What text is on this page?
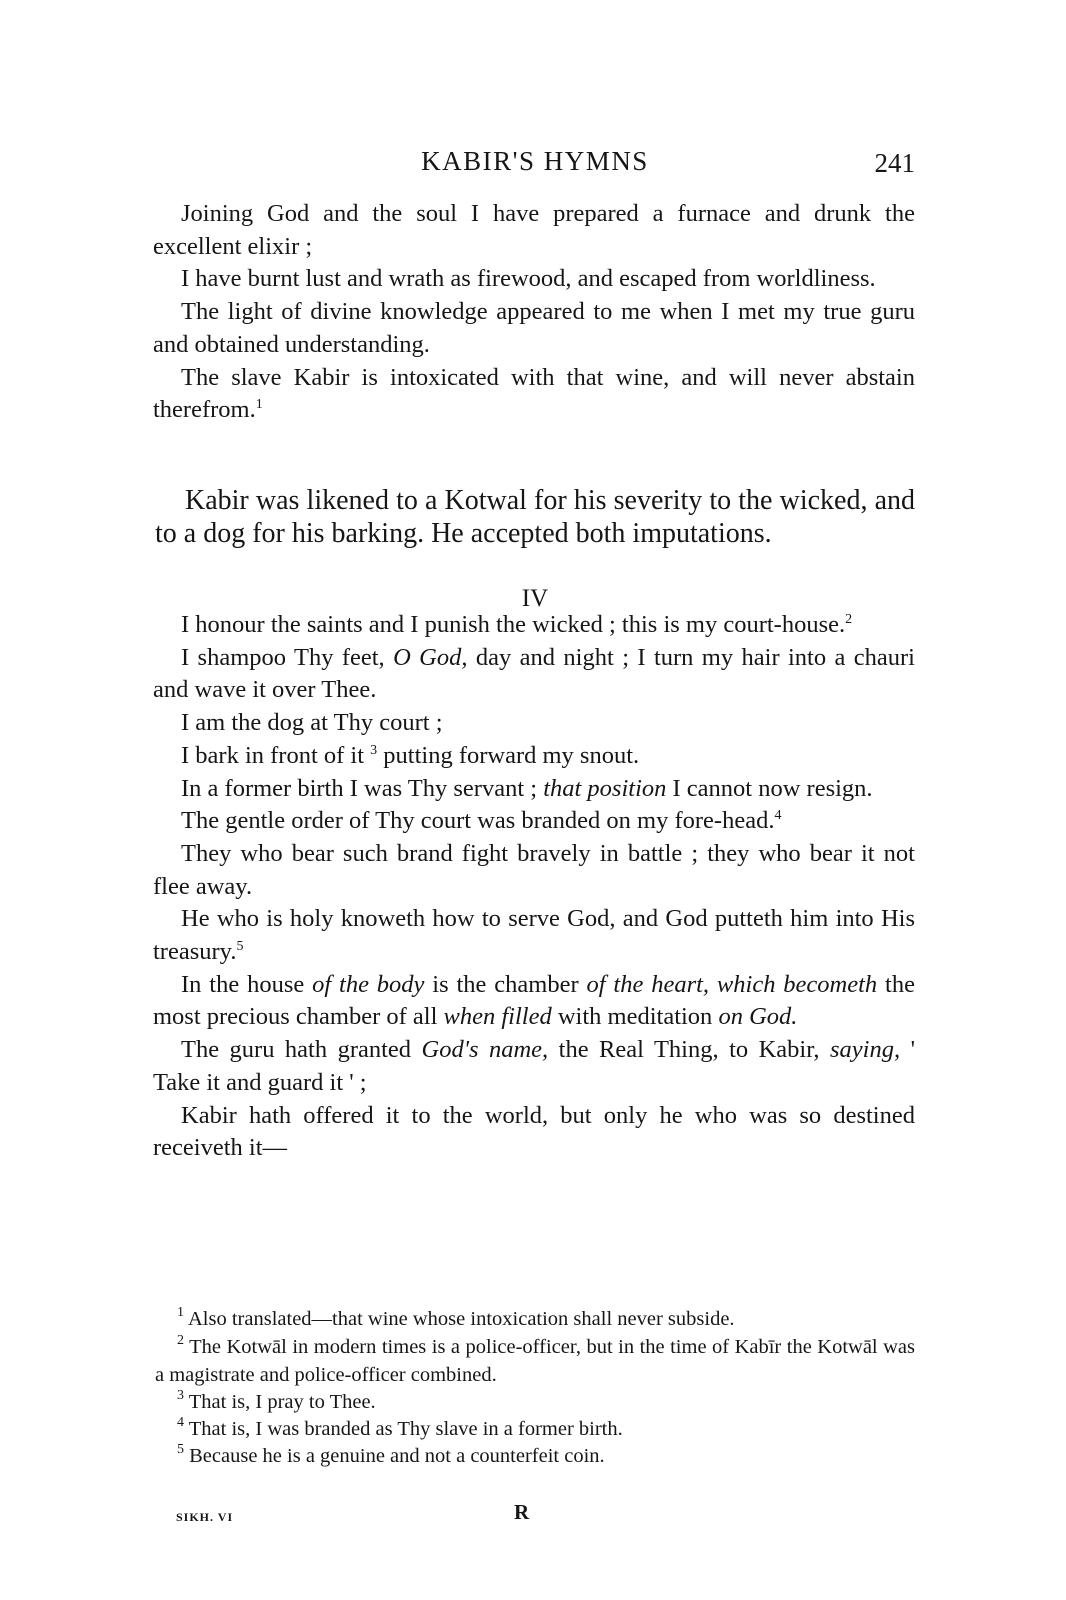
KABIR'S HYMNS	241

Joining God and the soul I have prepared a furnace and drunk the excellent elixir ;

I have burnt lust and wrath as firewood, and escaped from worldliness.

The light of divine knowledge appeared to me when I met my true guru and obtained understanding.

The slave Kabir is intoxicated with that wine, and will never abstain therefrom.$^1$

Kabir was likened to a Kotwal for his severity to the wicked, and to a dog for his barking. He accepted both imputations.

IV

I honour the saints and I punish the wicked ; this is my court-house.$^2$

I shampoo Thy feet, O God, day and night ; I turn my hair into a chauri and wave it over Thee.

I am the dog at Thy court ;

I bark in front of it $^3$ putting forward my snout.

In a former birth I was Thy servant ; that position I cannot now resign.

The gentle order of Thy court was branded on my fore-head.$^4$

They who bear such brand fight bravely in battle ; they who bear it not flee away.

He who is holy knoweth how to serve God, and God putteth him into His treasury.$^5$

In the house of the body is the chamber of the heart, which becometh the most precious chamber of all when filled with meditation on God.

The guru hath granted God's name, the Real Thing, to Kabir, saying, ' Take it and guard it ' ;

Kabir hath offered it to the world, but only he who was so destined receiveth it—

$^1$ Also translated—that wine whose intoxication shall never subside.

$^2$ The Kotwāl in modern times is a police-officer, but in the time of Kabīr the Kotwāl was a magistrate and police-officer combined.

$^3$ That is, I pray to Thee.

$^4$ That is, I was branded as Thy slave in a former birth.

$^5$ Because he is a genuine and not a counterfeit coin.

SIKH. VI	R
